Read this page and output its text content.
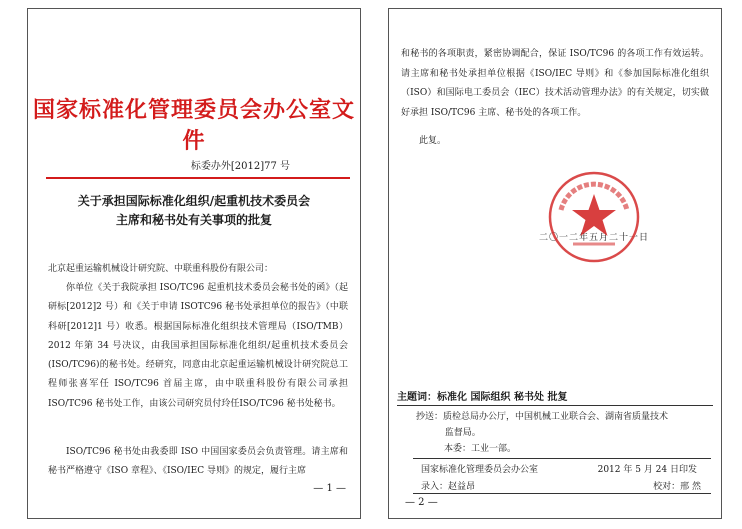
国家标准化管理委员会办公室文件
标委办外[2012]77 号
关于承担国际标准化组织/起重机技术委员会
主席和秘书处有关事项的批复
北京起重运输机械设计研究院、中联重科股份有限公司：
你单位《关于我院承担 ISO/TC96 起重机技术委员会秘书处的函》（起研标[2012]2 号）和《关于申请 ISOTC96 秘书处承担单位的报告》（中联科研[2012]1 号）收悉。根据国际标准化组织技术管理局（ISO/TMB）2012 年第 34 号决议，由我国承担国际标准化组织/起重机技术委员会 (ISO/TC96)的秘书处。经研究，同意由北京起重运输机械设计研究院总工程师张喜军任 ISO/TC96 首届主席，由中联重科股份有限公司承担 ISO/TC96 秘书处工作，由该公司研究员付玲任ISO/TC96 秘书处秘书。
ISO/TC96 秘书处由我委即 ISO 中国国家委员会负责管理。请主席和秘书严格遵守《ISO 章程》、《ISO/IEC 导则》的规定，履行主席
— 1 —
和秘书的各项职责，紧密协调配合，保证 ISO/TC96 的各项工作有效运转。请主席和秘书处承担单位根据《ISO/IEC 导则》和《参加国际标准化组织（ISO）和国际电工委员会（IEC）技术活动管理办法》的有关规定，切实做好承担 ISO/TC96 主席、秘书处的各项工作。
此复。
二〇一二年五月二十一日
主题词：标准化 国际组织 秘书处 批复
抄送：质检总局办公厅，中国机械工业联合会、湖南省质量技术
监督局。
本委：工业一部。
国家标准化管理委员会办公室	2012 年 5 月 24 日印发
录入：赵益昂	校对：邢 然
— 2 —
